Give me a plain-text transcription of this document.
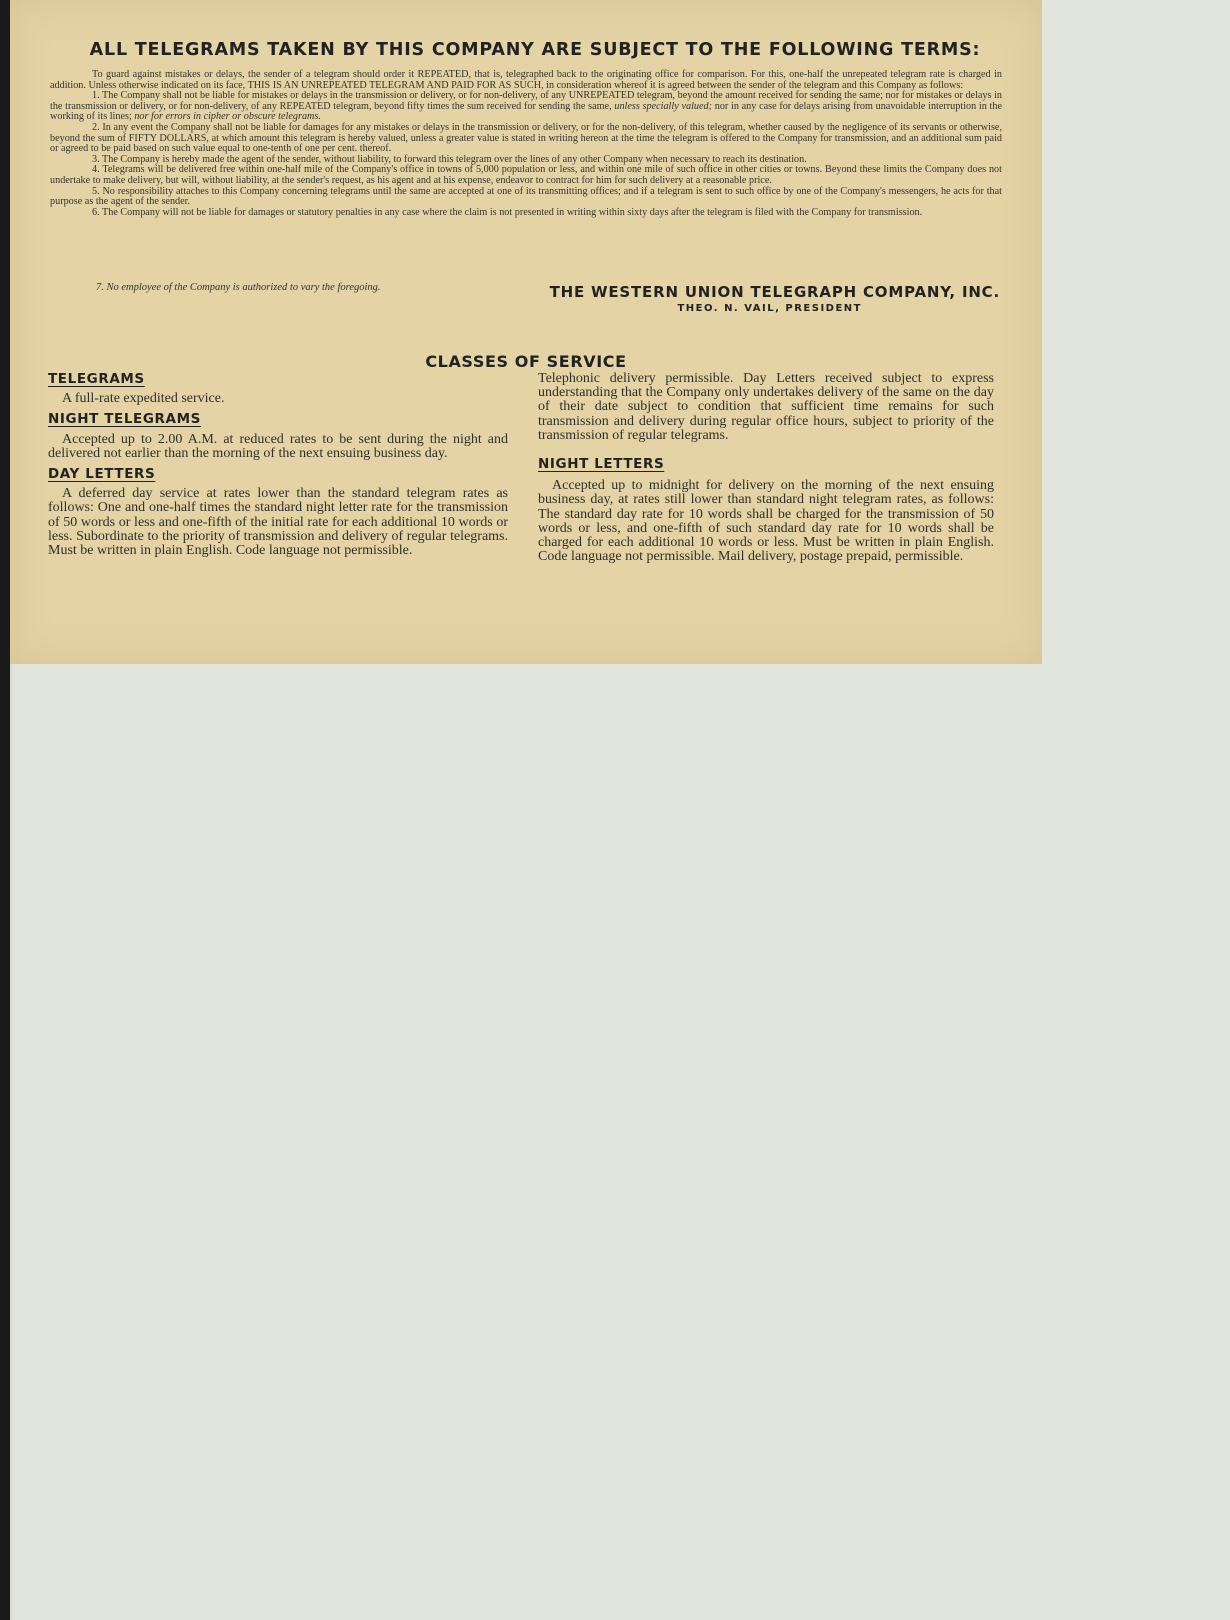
ALL TELEGRAMS TAKEN BY THIS COMPANY ARE SUBJECT TO THE FOLLOWING TERMS:

To guard against mistakes or delays, the sender of a telegram should order it REPEATED, that is, telegraphed back to the originating office for comparison. For this, one-half the unrepeated telegram rate is charged in addition. Unless otherwise indicated on its face, THIS IS AN UNREPEATED TELEGRAM AND PAID FOR AS SUCH, in consideration whereof it is agreed between the sender of the telegram and this Company as follows:

1. The Company shall not be liable for mistakes or delays in the transmission or delivery, or for non-delivery, of any UNREPEATED telegram, beyond the amount received for sending the same; nor for mistakes or delays in the transmission or delivery, or for non-delivery, of any REPEATED telegram, beyond fifty times the sum received for sending the same, unless specially valued; nor in any case for delays arising from unavoidable interruption in the working of its lines; nor for errors in cipher or obscure telegrams.

2. In any event the Company shall not be liable for damages for any mistakes or delays in the transmission or delivery, or for the non-delivery, of this telegram, whether caused by the negligence of its servants or otherwise, beyond the sum of FIFTY DOLLARS, at which amount this telegram is hereby valued, unless a greater value is stated in writing hereon at the time the telegram is offered to the Company for transmission, and an additional sum paid or agreed to be paid based on such value equal to one-tenth of one per cent. thereof.

3. The Company is hereby made the agent of the sender, without liability, to forward this telegram over the lines of any other Company when necessary to reach its destination.

4. Telegrams will be delivered free within one-half mile of the Company's office in towns of 5,000 population or less, and within one mile of such office in other cities or towns. Beyond these limits the Company does not undertake to make delivery, but will, without liability, at the sender's request, as his agent and at his expense, endeavor to contract for him for such delivery at a reasonable price.

5. No responsibility attaches to this Company concerning telegrams until the same are accepted at one of its transmitting offices; and if a telegram is sent to such office by one of the Company's messengers, he acts for that purpose as the agent of the sender.

6. The Company will not be liable for damages or statutory penalties in any case where the claim is not presented in writing within sixty days after the telegram is filed with the Company for transmission.

7. No employee of the Company is authorized to vary the foregoing.	THE WESTERN UNION TELEGRAPH COMPANY, INC.
THEO. N. VAIL, PRESIDENT
CLASSES OF SERVICE

TELEGRAMS

A full-rate expedited service.

NIGHT TELEGRAMS

Accepted up to 2.00 A.M. at reduced rates to be sent during the night and delivered not earlier than the morning of the next ensuing business day.

DAY LETTERS

A deferred day service at rates lower than the standard telegram rates as follows: One and one-half times the standard night letter rate for the transmission of 50 words or less and one-fifth of the initial rate for each additional 10 words or less. Subordinate to the priority of transmission and delivery of regular telegrams. Must be written in plain English. Code language not permissible.

Telephonic delivery permissible. Day Letters received subject to express understanding that the Company only undertakes delivery of the same on the day of their date subject to condition that sufficient time remains for such transmission and delivery during regular office hours, subject to priority of the transmission of regular telegrams.

NIGHT LETTERS

Accepted up to midnight for delivery on the morning of the next ensuing business day, at rates still lower than standard night telegram rates, as follows: The standard day rate for 10 words shall be charged for the transmission of 50 words or less, and one-fifth of such standard day rate for 10 words shall be charged for each additional 10 words or less. Must be written in plain English. Code language not permissible. Mail delivery, postage prepaid, permissible.
